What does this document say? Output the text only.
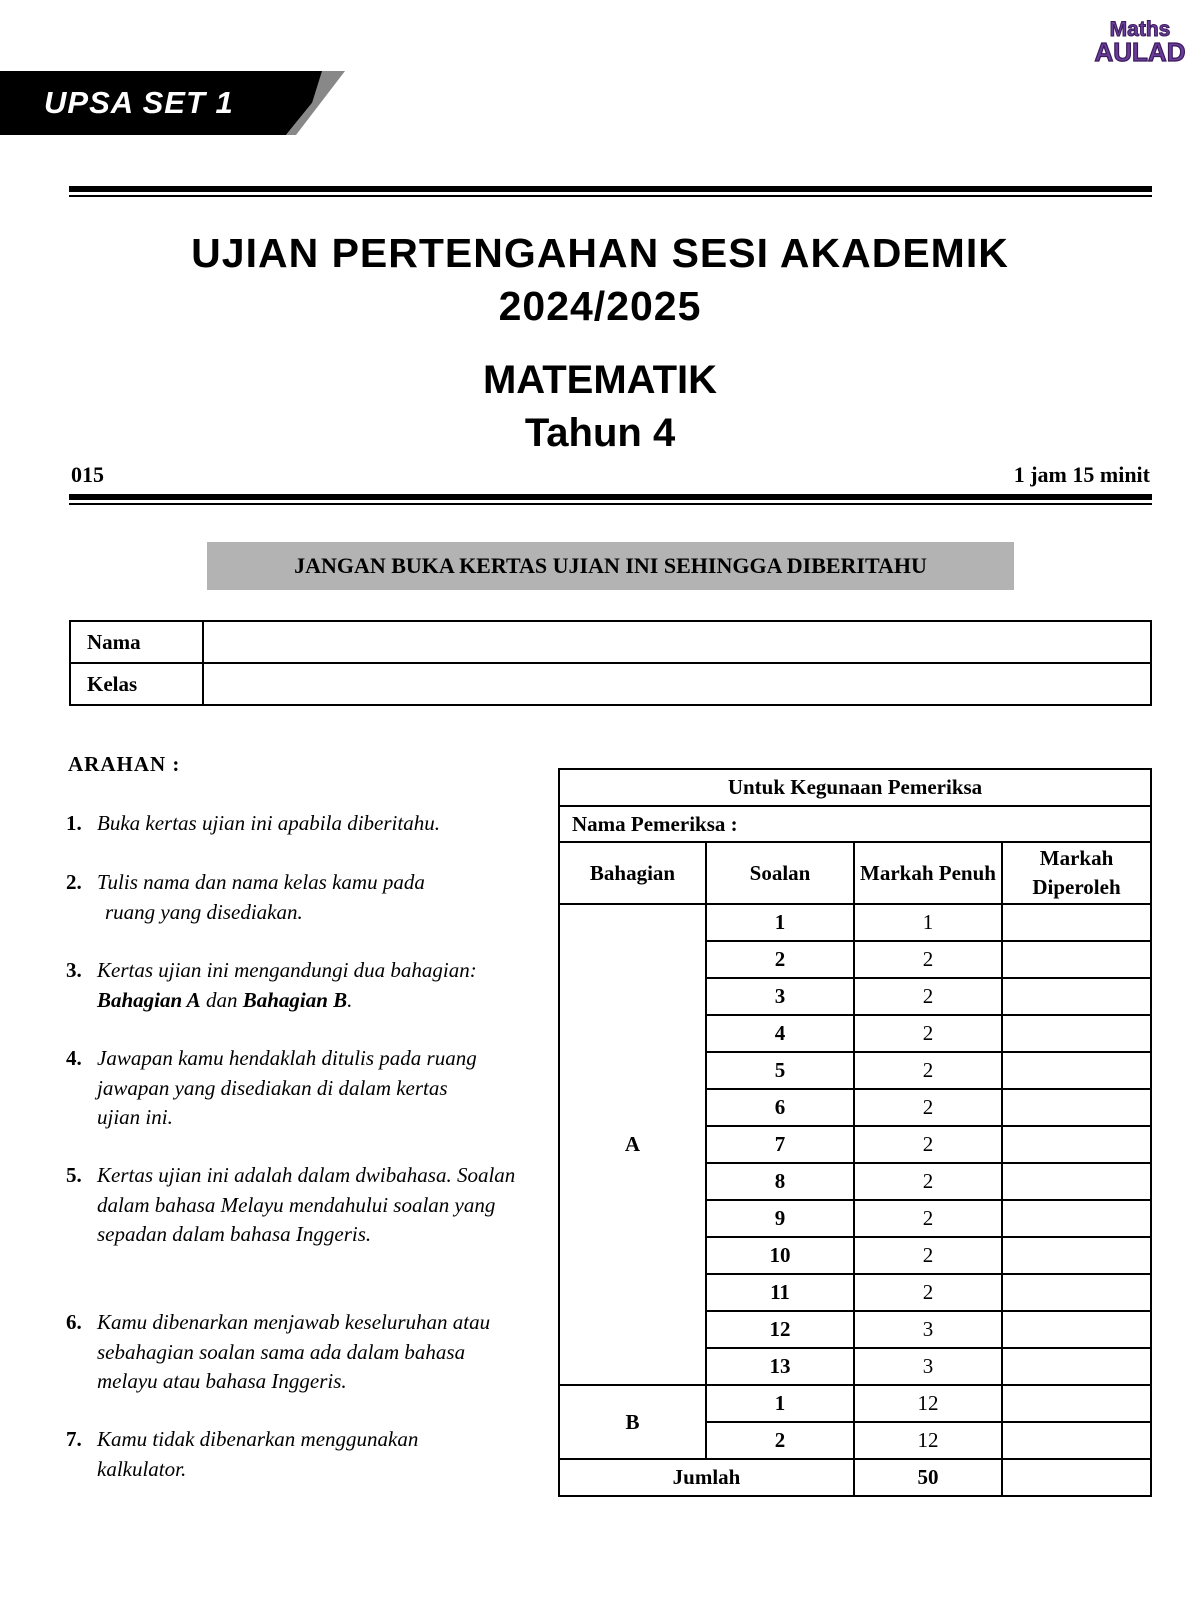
UPSA SET 1
Maths
AULAD
UJIAN PERTENGAHAN SESI AKADEMIK
2024/2025
MATEMATIK
Tahun 4
015	1 jam 15 minit
JANGAN BUKA KERTAS UJIAN INI SEHINGGA DIBERITAHU
Nama	
Kelas	
ARAHAN :
1. Buka kertas ujian ini apabila diberitahu.
2. Tulis nama dan nama kelas kamu pada
ruang yang disediakan.
3. Kertas ujian ini mengandungi dua bahagian:
Bahagian A dan Bahagian B.
4. Jawapan kamu hendaklah ditulis pada ruang jawapan yang disediakan di dalam kertas ujian ini.
5. Kertas ujian ini adalah dalam dwibahasa. Soalan dalam bahasa Melayu mendahului soalan yang sepadan dalam bahasa Inggeris.
6. Kamu dibenarkan menjawab keseluruhan atau sebahagian soalan sama ada dalam bahasa melayu atau bahasa Inggeris.
7. Kamu tidak dibenarkan menggunakan kalkulator.
Untuk Kegunaan Pemeriksa			
Nama Pemeriksa :			
Bahagian	Soalan	Markah Penuh	Markah Diperoleh
A	1	1	
	2	2	
	3	2	
	4	2	
	5	2	
	6	2	
	7	2	
	8	2	
	9	2	
	10	2	
	11	2	
	12	3	
	13	3	
B	1	12	
	2	12	
Jumlah		50	
